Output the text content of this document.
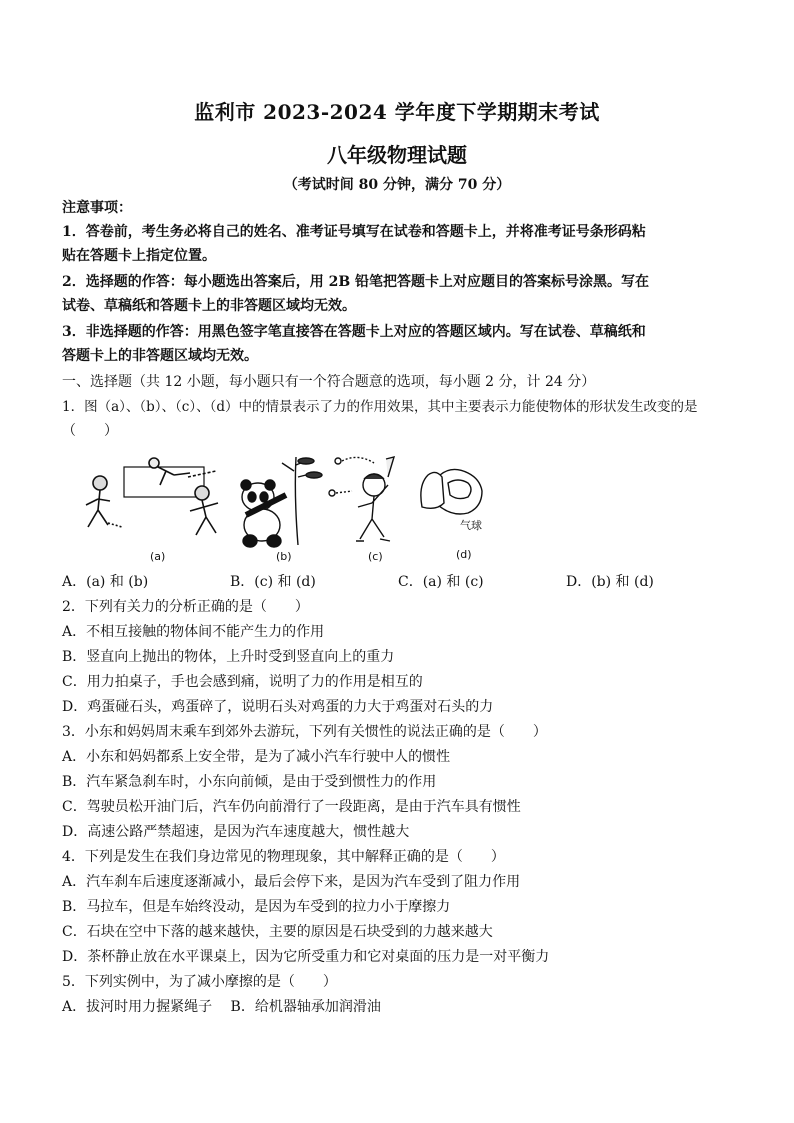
监利市 2023-2024 学年度下学期期末考试
八年级物理试题
（考试时间 80 分钟，满分 70 分）
注意事项：
1．答卷前，考生务必将自己的姓名、准考证号填写在试卷和答题卡上，并将准考证号条形码粘
贴在答题卡上指定位置。
2．选择题的作答：每小题选出答案后，用 2B 铅笔把答题卡上对应题目的答案标号涂黑。写在
试卷、草稿纸和答题卡上的非答题区域均无效。
3．非选择题的作答：用黑色签字笔直接答在答题卡上对应的答题区域内。写在试卷、草稿纸和
答题卡上的非答题区域均无效。
一、选择题（共 12 小题，每小题只有一个符合题意的选项，每小题 2 分，计 24 分）
1．图（a）、（b）、（c）、（d）中的情景表示了力的作用效果，其中主要表示力能使物体的形状发生改变的是
（　　）
(a)	(b)	(c)
气球
(d)
A．(a) 和 (b)	B．(c) 和 (d)	C．(a) 和 (c)	D．(b) 和 (d)
2．下列有关力的分析正确的是（　　）
A．不相互接触的物体间不能产生力的作用
B．竖直向上抛出的物体，上升时受到竖直向上的重力
C．用力拍桌子，手也会感到痛，说明了力的作用是相互的
D．鸡蛋碰石头，鸡蛋碎了，说明石头对鸡蛋的力大于鸡蛋对石头的力
3．小东和妈妈周末乘车到郊外去游玩，下列有关惯性的说法正确的是（　　）
A．小东和妈妈都系上安全带，是为了减小汽车行驶中人的惯性
B．汽车紧急刹车时，小东向前倾，是由于受到惯性力的作用
C．驾驶员松开油门后，汽车仍向前滑行了一段距离，是由于汽车具有惯性
D．高速公路严禁超速，是因为汽车速度越大，惯性越大
4．下列是发生在我们身边常见的物理现象，其中解释正确的是（　　）
A．汽车刹车后速度逐渐减小，最后会停下来，是因为汽车受到了阻力作用
B．马拉车，但是车始终没动，是因为车受到的拉力小于摩擦力
C．石块在空中下落的越来越快，主要的原因是石块受到的力越来越大
D．茶杯静止放在水平课桌上，因为它所受重力和它对桌面的压力是一对平衡力
5．下列实例中，为了减小摩擦的是（　　）
A．拔河时用力握紧绳子　 B．给机器轴承加润滑油
